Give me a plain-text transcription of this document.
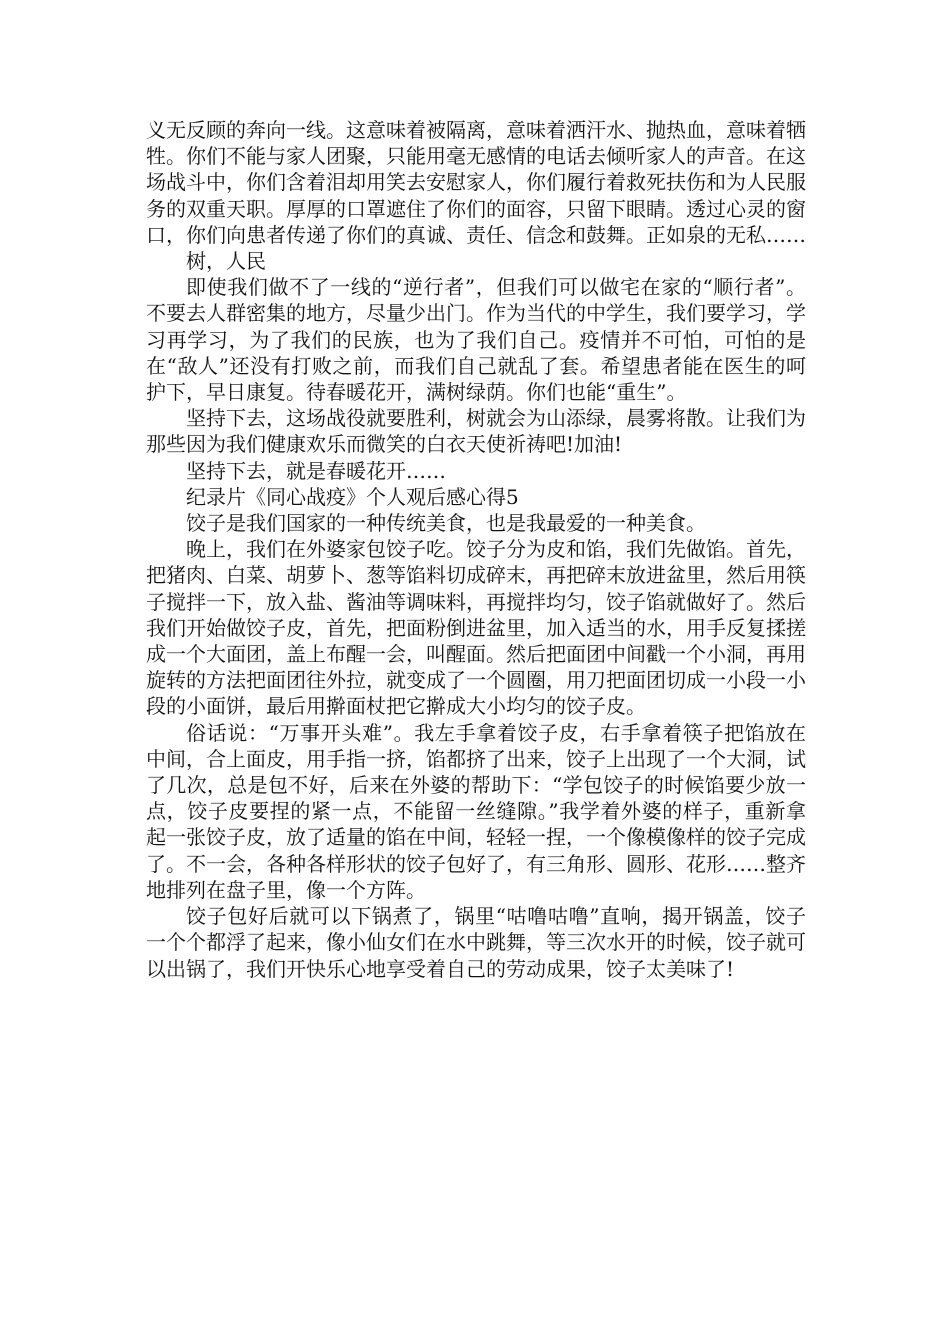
义无反顾的奔向一线。这意味着被隔离，意味着洒汗水、抛热血，意味着牺牲。你们不能与家人团聚，只能用毫无感情的电话去倾听家人的声音。在这场战斗中，你们含着泪却用笑去安慰家人，你们履行着救死扶伤和为人民服务的双重天职。厚厚的口罩遮住了你们的面容，只留下眼睛。透过心灵的窗口，你们向患者传递了你们的真诚、责任、信念和鼓舞。正如泉的无私……

树，人民

即使我们做不了一线的“逆行者”，但我们可以做宅在家的“顺行者”。不要去人群密集的地方，尽量少出门。作为当代的中学生，我们要学习，学习再学习，为了我们的民族，也为了我们自己。疫情并不可怕，可怕的是在“敌人”还没有打败之前，而我们自己就乱了套。希望患者能在医生的呵护下，早日康复。待春暖花开，满树绿荫。你们也能“重生”。

坚持下去，这场战役就要胜利，树就会为山添绿，晨雾将散。让我们为那些因为我们健康欢乐而微笑的白衣天使祈祷吧!加油!

坚持下去，就是春暖花开……

纪录片《同心战疫》个人观后感心得5

饺子是我们国家的一种传统美食，也是我最爱的一种美食。

晚上，我们在外婆家包饺子吃。饺子分为皮和馅，我们先做馅。首先，把猪肉、白菜、胡萝卜、葱等馅料切成碎末，再把碎末放进盆里，然后用筷子搅拌一下，放入盐、酱油等调味料，再搅拌均匀，饺子馅就做好了。然后我们开始做饺子皮，首先，把面粉倒进盆里，加入适当的水，用手反复揉搓成一个大面团，盖上布醒一会，叫醒面。然后把面团中间戳一个小洞，再用旋转的方法把面团往外拉，就变成了一个圆圈，用刀把面团切成一小段一小段的小面饼，最后用擀面杖把它擀成大小均匀的饺子皮。

俗话说：“万事开头难”。我左手拿着饺子皮，右手拿着筷子把馅放在中间，合上面皮，用手指一挤，馅都挤了出来，饺子上出现了一个大洞，试了几次，总是包不好，后来在外婆的帮助下：“学包饺子的时候馅要少放一点，饺子皮要捏的紧一点，不能留一丝缝隙。”我学着外婆的样子，重新拿起一张饺子皮，放了适量的馅在中间，轻轻一捏，一个像模像样的饺子完成了。不一会，各种各样形状的饺子包好了，有三角形、圆形、花形……整齐地排列在盘子里，像一个方阵。

饺子包好后就可以下锅煮了，锅里“咕噜咕噜”直响，揭开锅盖，饺子一个个都浮了起来，像小仙女们在水中跳舞，等三次水开的时候，饺子就可以出锅了，我们开快乐心地享受着自己的劳动成果，饺子太美味了!
